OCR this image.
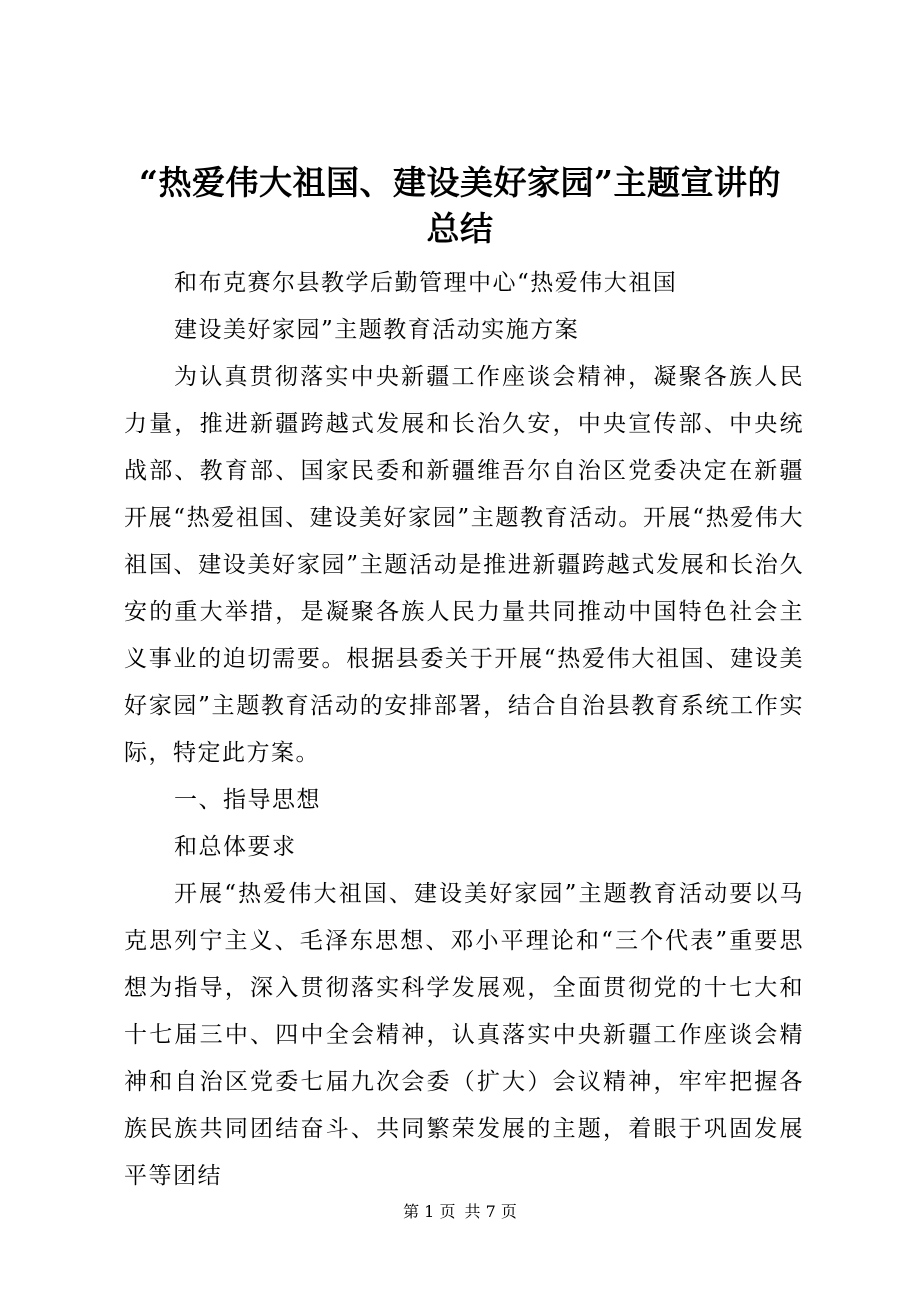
“热爱伟大祖国、建设美好家园”主题宣讲的
总结

和布克赛尔县教学后勤管理中心“热爱伟大祖国

建设美好家园”主题教育活动实施方案

为认真贯彻落实中央新疆工作座谈会精神，凝聚各族人民力量，推进新疆跨越式发展和长治久安，中央宣传部、中央统战部、教育部、国家民委和新疆维吾尔自治区党委决定在新疆开展“热爱祖国、建设美好家园”主题教育活动。开展“热爱伟大祖国、建设美好家园”主题活动是推进新疆跨越式发展和长治久安的重大举措，是凝聚各族人民力量共同推动中国特色社会主义事业的迫切需要。根据县委关于开展“热爱伟大祖国、建设美好家园”主题教育活动的安排部署，结合自治县教育系统工作实际，特定此方案。

一、指导思想

和总体要求

开展“热爱伟大祖国、建设美好家园”主题教育活动要以马克思列宁主义、毛泽东思想、邓小平理论和“三个代表”重要思想为指导，深入贯彻落实科学发展观，全面贯彻党的十七大和十七届三中、四中全会精神，认真落实中央新疆工作座谈会精神和自治区党委七届九次会委（扩大）会议精神，牢牢把握各族民族共同团结奋斗、共同繁荣发展的主题，着眼于巩固发展平等团结

第 1 页 共 7 页
